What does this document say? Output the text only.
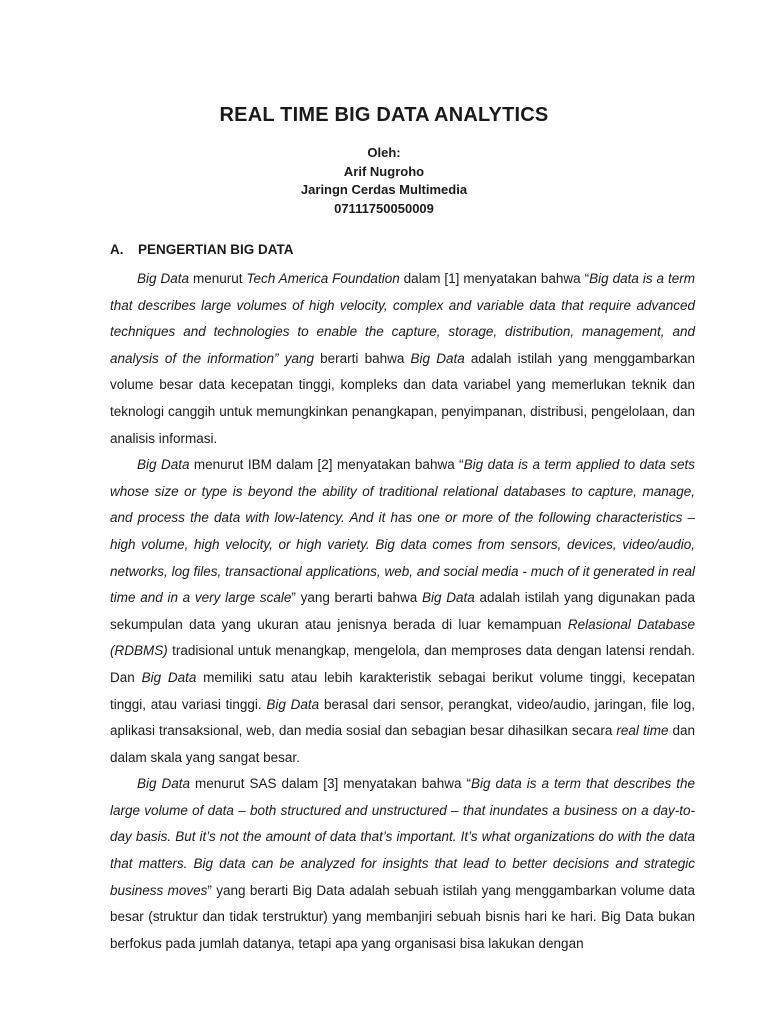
REAL TIME BIG DATA ANALYTICS
Oleh:
Arif Nugroho
Jaringn Cerdas Multimedia
07111750050009
A.	PENGERTIAN BIG DATA

Big Data menurut Tech America Foundation dalam [1] menyatakan bahwa “Big data is a term that describes large volumes of high velocity, complex and variable data that require advanced techniques and technologies to enable the capture, storage, distribution, management, and analysis of the information” yang berarti bahwa Big Data adalah istilah yang menggambarkan volume besar data kecepatan tinggi, kompleks dan data variabel yang memerlukan teknik dan teknologi canggih untuk memungkinkan penangkapan, penyimpanan, distribusi, pengelolaan, dan analisis informasi.

Big Data menurut IBM dalam [2] menyatakan bahwa “Big data is a term applied to data sets whose size or type is beyond the ability of traditional relational databases to capture, manage, and process the data with low-latency. And it has one or more of the following characteristics – high volume, high velocity, or high variety. Big data comes from sensors, devices, video/audio, networks, log files, transactional applications, web, and social media - much of it generated in real time and in a very large scale” yang berarti bahwa Big Data adalah istilah yang digunakan pada sekumpulan data yang ukuran atau jenisnya berada di luar kemampuan Relasional Database (RDBMS) tradisional untuk menangkap, mengelola, dan memproses data dengan latensi rendah. Dan Big Data memiliki satu atau lebih karakteristik sebagai berikut volume tinggi, kecepatan tinggi, atau variasi tinggi. Big Data berasal dari sensor, perangkat, video/audio, jaringan, file log, aplikasi transaksional, web, dan media sosial dan sebagian besar dihasilkan secara real time dan dalam skala yang sangat besar.

Big Data menurut SAS dalam [3] menyatakan bahwa “Big data is a term that describes the large volume of data – both structured and unstructured – that inundates a business on a day-to-day basis. But it’s not the amount of data that’s important. It’s what organizations do with the data that matters. Big data can be analyzed for insights that lead to better decisions and strategic business moves” yang berarti Big Data adalah sebuah istilah yang menggambarkan volume data besar (struktur dan tidak terstruktur) yang membanjiri sebuah bisnis hari ke hari. Big Data bukan berfokus pada jumlah datanya, tetapi apa yang organisasi bisa lakukan dengan
